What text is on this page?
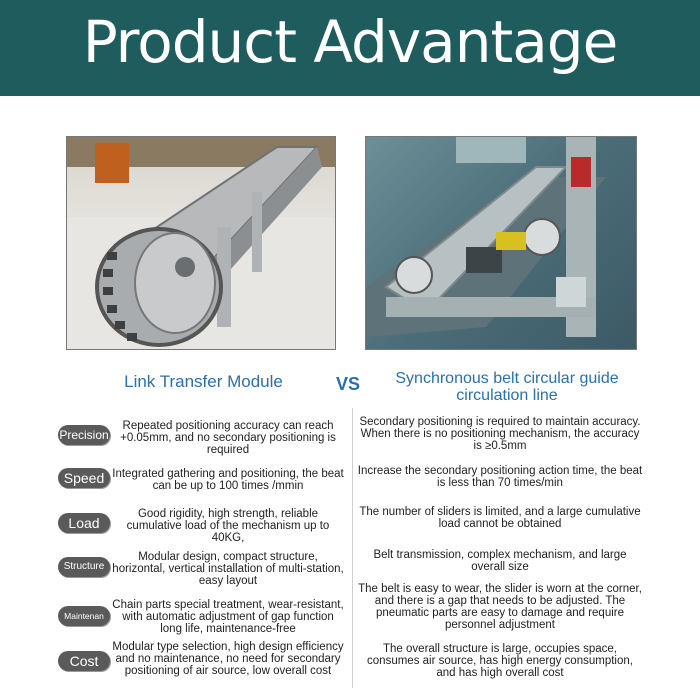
Product Advantage
Link Transfer Module	VS	Synchronous belt circular guide circulation line
Precision
Repeated positioning accuracy can reach +0.05mm, and no secondary positioning is required
Secondary positioning is required to maintain accuracy. When there is no positioning mechanism, the accuracy is ≥0.5mm
Speed Integrated gathering and positioning, the beat can be up to 100 times /mmin
Increase the secondary positioning action time, the beat is less than 70 times/min
Load
Good rigidity, high strength, reliable cumulative load of the mechanism up to 40KG,
The number of sliders is limited, and a large cumulative load cannot be obtained
Structure
Modular design, compact structure, horizontal, vertical installation of multi-station, easy layout
Belt transmission, complex mechanism, and large overall size
Maintenan
Chain parts special treatment, wear-resistant, with automatic adjustment of gap function long life, maintenance-free
The belt is easy to wear, the slider is worn at the corner, and there is a gap that needs to be adjusted. The pneumatic parts are easy to damage and require personnel adjustment
Cost
Modular type selection, high design efficiency and no maintenance, no need for secondary positioning of air source, low overall cost
The overall structure is large, occupies space, consumes air source, has high energy consumption, and has high overall cost
